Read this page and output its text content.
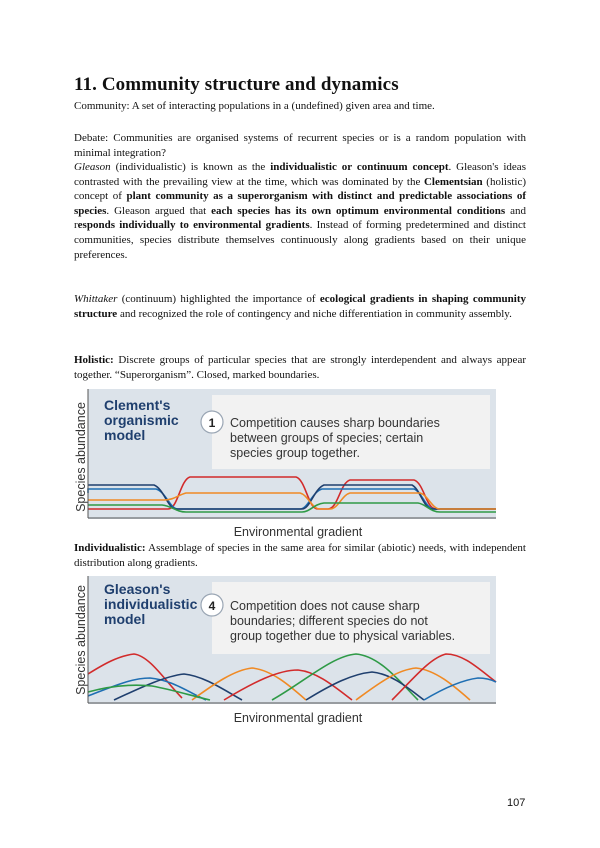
11. Community structure and dynamics

Community: A set of interacting populations in a (undefined) given area and time.

Debate: Communities are organised systems of recurrent species or is a random population with minimal integration?

Gleason (individualistic) is known as the individualistic or continuum concept. Gleason's ideas contrasted with the prevailing view at the time, which was dominated by the Clementsian (holistic) concept of plant community as a superorganism with distinct and predictable associations of species. Gleason argued that each species has its own optimum environmental conditions and responds individually to environmental gradients. Instead of forming predetermined and distinct communities, species distribute themselves continuously along gradients based on their unique preferences.

Whittaker (continuum) highlighted the importance of ecological gradients in shaping community structure and recognized the role of contingency and niche differentiation in community assembly.

Holistic: Discrete groups of particular species that are strongly interdependent and always appear together. “Superorganism”. Closed, marked boundaries.

Clement's
organismic
model
1 Competition causes sharp boundaries
between groups of species; certain
species group together.
Species abundance
Environmental gradient

Individualistic: Assemblage of species in the same area for similar (abiotic) needs, with independent distribution along gradients.

Gleason's
individualistic
model
4 Competition does not cause sharp
boundaries; different species do not
group together due to physical variables.
Species abundance
Environmental gradient
107
